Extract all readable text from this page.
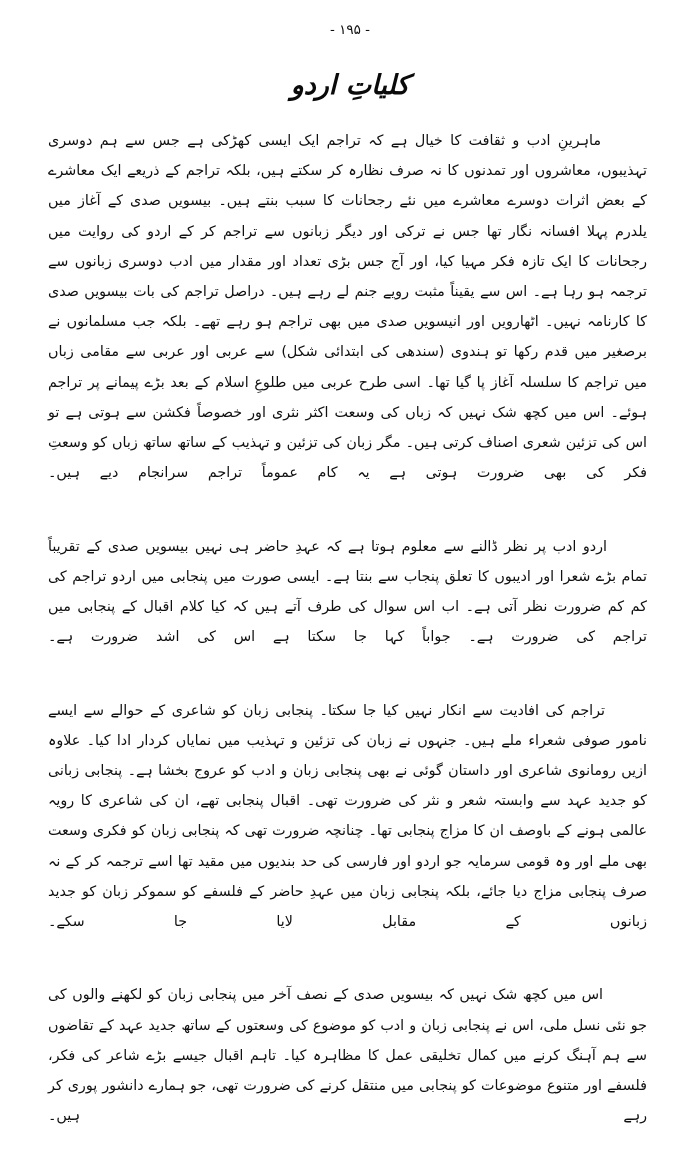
- ۱۹۵ -
کلیاتِ اردو

ماہرینِ ادب و ثقافت کا خیال ہے کہ تراجم ایک ایسی کھڑکی ہے جس سے ہم دوسری تہذیبوں، معاشروں اور تمدنوں کا نہ صرف نظارہ کر سکتے ہیں، بلکہ تراجم کے ذریعے ایک معاشرے کے بعض اثرات دوسرے معاشرے میں نئے رجحانات کا سبب بنتے ہیں۔ بیسویں صدی کے آغاز میں یلدرم پہلا افسانہ نگار تھا جس نے ترکی اور دیگر زبانوں سے تراجم کر کے اردو کی روایت میں رجحانات کا ایک تازہ فکر مہیا کیا، اور آج جس بڑی تعداد اور مقدار میں ادب دوسری زبانوں سے ترجمہ ہو رہا ہے۔ اس سے یقیناً مثبت رویے جنم لے رہے ہیں۔ دراصل تراجم کی بات بیسویں صدی کا کارنامہ نہیں۔ اٹھارویں اور انیسویں صدی میں بھی تراجم ہو رہے تھے۔ بلکہ جب مسلمانوں نے برصغیر میں قدم رکھا تو ہندوی (سندھی کی ابتدائی شکل) سے عربی اور عربی سے مقامی زباں میں تراجم کا سلسلہ آغاز پا گیا تھا۔ اسی طرح عربی میں طلوعِ اسلام کے بعد بڑے پیمانے پر تراجم ہوئے۔ اس میں کچھ شک نہیں کہ زباں کی وسعت اکثر نثری اور خصوصاً فکشن سے ہوتی ہے تو اس کی تزئین شعری اصناف کرتی ہیں۔ مگر زبان کی تزئین و تہذیب کے ساتھ ساتھ زباں کو وسعتِ فکر کی بھی ضرورت ہوتی ہے یہ کام عموماً تراجم سرانجام دیے ہیں۔

اردو ادب پر نظر ڈالنے سے معلوم ہوتا ہے کہ عہدِ حاضر ہی نہیں بیسویں صدی کے تقریباً تمام بڑے شعرا اور ادیبوں کا تعلق پنجاب سے بنتا ہے۔ ایسی صورت میں پنجابی میں اردو تراجم کی کم کم ضرورت نظر آتی ہے۔ اب اس سوال کی طرف آتے ہیں کہ کیا کلام اقبال کے پنجابی میں تراجم کی ضرورت ہے۔ جواباً کہا جا سکتا ہے اس کی اشد ضرورت ہے۔

تراجم کی افادیت سے انکار نہیں کیا جا سکتا۔ پنجابی زبان کو شاعری کے حوالے سے ایسے نامور صوفی شعراء ملے ہیں۔ جنہوں نے زبان کی تزئین و تہذیب میں نمایاں کردار ادا کیا۔ علاوہ ازیں رومانوی شاعری اور داستان گوئی نے بھی پنجابی زبان و ادب کو عروج بخشا ہے۔ پنجابی زبانی کو جدید عہد سے وابستہ شعر و نثر کی ضرورت تھی۔ اقبال پنجابی تھے، ان کی شاعری کا رویہ عالمی ہونے کے باوصف ان کا مزاج پنجابی تھا۔ چنانچہ ضرورت تھی کہ پنجابی زبان کو فکری وسعت بھی ملے اور وہ قومی سرمایہ جو اردو اور فارسی کی حد بندیوں میں مقید تھا اسے ترجمہ کر کے نہ صرف پنجابی مزاج دیا جائے، بلکہ پنجابی زبان میں عہدِ حاضر کے فلسفے کو سموکر زبان کو جدید زبانوں کے مقابل لایا جا سکے۔

اس میں کچھ شک نہیں کہ بیسویں صدی کے نصف آخر میں پنجابی زبان کو لکھنے والوں کی جو نئی نسل ملی، اس نے پنجابی زبان و ادب کو موضوع کی وسعتوں کے ساتھ جدید عہد کے تقاضوں سے ہم آہنگ کرنے میں کمال تخلیقی عمل کا مظاہرہ کیا۔ تاہم اقبال جیسے بڑے شاعر کی فکر، فلسفے اور متنوع موضوعات کو پنجابی میں منتقل کرنے کی ضرورت تھی، جو ہمارے دانشور پوری کر رہے ہیں۔
